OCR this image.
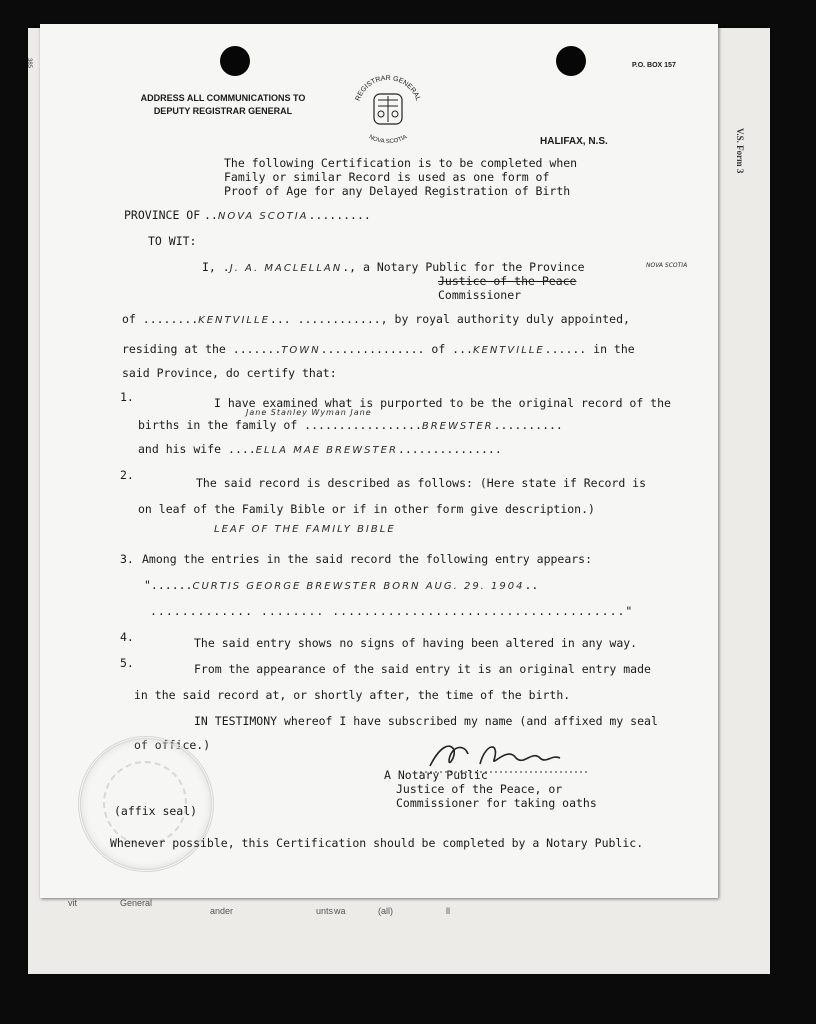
General
vit
ander	unts wa	(all)	ll
385
V.S. Form 3
ADDRESS ALL COMMUNICATIONS TO
DEPUTY REGISTRAR GENERAL
P.O. BOX 157
HALIFAX, N.S.
REGISTRAR GENERAL
NOVA SCOTIA
The following Certification is to be completed when
Family or similar Record is used as one form of
Proof of Age for any Delayed Registration of Birth
PROVINCE OF ..NOVA SCOTIA.........
TO WIT:
I, .J. A. MACLELLAN., a Notary Public for the Province	NOVA SCOTIA
Justice of the Peace
Commissioner
of ........KENTVILLE... ............, by royal authority duly appointed,
residing at the .......TOWN............... of ...KENTVILLE...... in the
said Province, do certify that:
1.	I have examined what is purported to be the original record of the
Jane Stanley Wyman Jane
births in the family of .................BREWSTER..........
and his wife ....ELLA MAE BREWSTER...............
2.
The said record is described as follows: (Here state if Record is
on leaf of the Family Bible or if in other form give description.)
LEAF OF THE FAMILY BIBLE
3. Among the entries in the said record the following entry appears:
"......CURTIS GEORGE BREWSTER BORN AUG. 29. 1904..
............. ........ ....................................."
4.	The said entry shows no signs of having been altered in any way.
5.	From the appearance of the said entry it is an original entry made
in the said record at, or shortly after, the time of the birth.
IN TESTIMONY whereof I have subscribed my name (and affixed my seal
of office.)
A Notary Public
Justice of the Peace, or
Commissioner for taking oaths
(affix seal)
Whenever possible, this Certification should be completed by a Notary Public.
